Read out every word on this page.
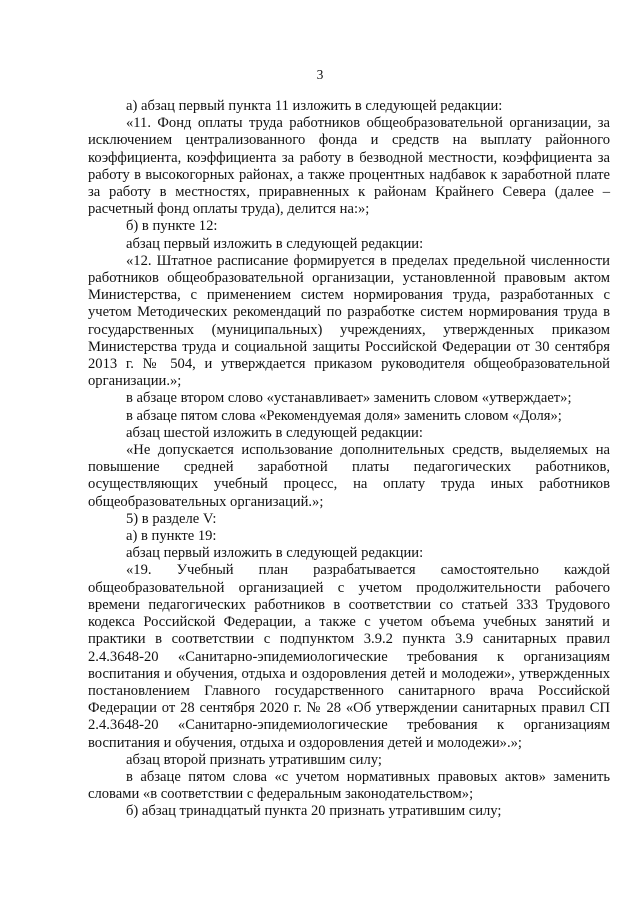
3

а) абзац первый пункта 11 изложить в следующей редакции:

«11. Фонд оплаты труда работников общеобразовательной организации, за исключением централизованного фонда и средств на выплату районного коэффициента, коэффициента за работу в безводной местности, коэффициента за работу в высокогорных районах, а также процентных надбавок к заработной плате за работу в местностях, приравненных к районам Крайнего Севера (далее – расчетный фонд оплаты труда), делится на:»;

б) в пункте 12:

абзац первый изложить в следующей редакции:

«12. Штатное расписание формируется в пределах предельной численности работников общеобразовательной организации, установленной правовым актом Министерства, с применением систем нормирования труда, разработанных с учетом Методических рекомендаций по разработке систем нормирования труда в государственных (муниципальных) учреждениях, утвержденных приказом Министерства труда и социальной защиты Российской Федерации от 30 сентября 2013 г. № 504, и утверждается приказом руководителя общеобразовательной организации.»;

в абзаце втором слово «устанавливает» заменить словом «утверждает»;

в абзаце пятом слова «Рекомендуемая доля» заменить словом «Доля»;

абзац шестой изложить в следующей редакции:

«Не допускается использование дополнительных средств, выделяемых на повышение средней заработной платы педагогических работников, осуществляющих учебный процесс, на оплату труда иных работников общеобразовательных организаций.»;

5) в разделе V:

а) в пункте 19:

абзац первый изложить в следующей редакции:

«19. Учебный план разрабатывается самостоятельно каждой общеобразовательной организацией с учетом продолжительности рабочего времени педагогических работников в соответствии со статьей 333 Трудового кодекса Российской Федерации, а также с учетом объема учебных занятий и практики в соответствии с подпунктом 3.9.2 пункта 3.9 санитарных правил 2.4.3648-20 «Санитарно-эпидемиологические требования к организациям воспитания и обучения, отдыха и оздоровления детей и молодежи», утвержденных постановлением Главного государственного санитарного врача Российской Федерации от 28 сентября 2020 г. № 28 «Об утверждении санитарных правил СП 2.4.3648-20 «Санитарно-эпидемиологические требования к организациям воспитания и обучения, отдыха и оздоровления детей и молодежи».»;

абзац второй признать утратившим силу;

в абзаце пятом слова «с учетом нормативных правовых актов» заменить словами «в соответствии с федеральным законодательством»;

б) абзац тринадцатый пункта 20 признать утратившим силу;
